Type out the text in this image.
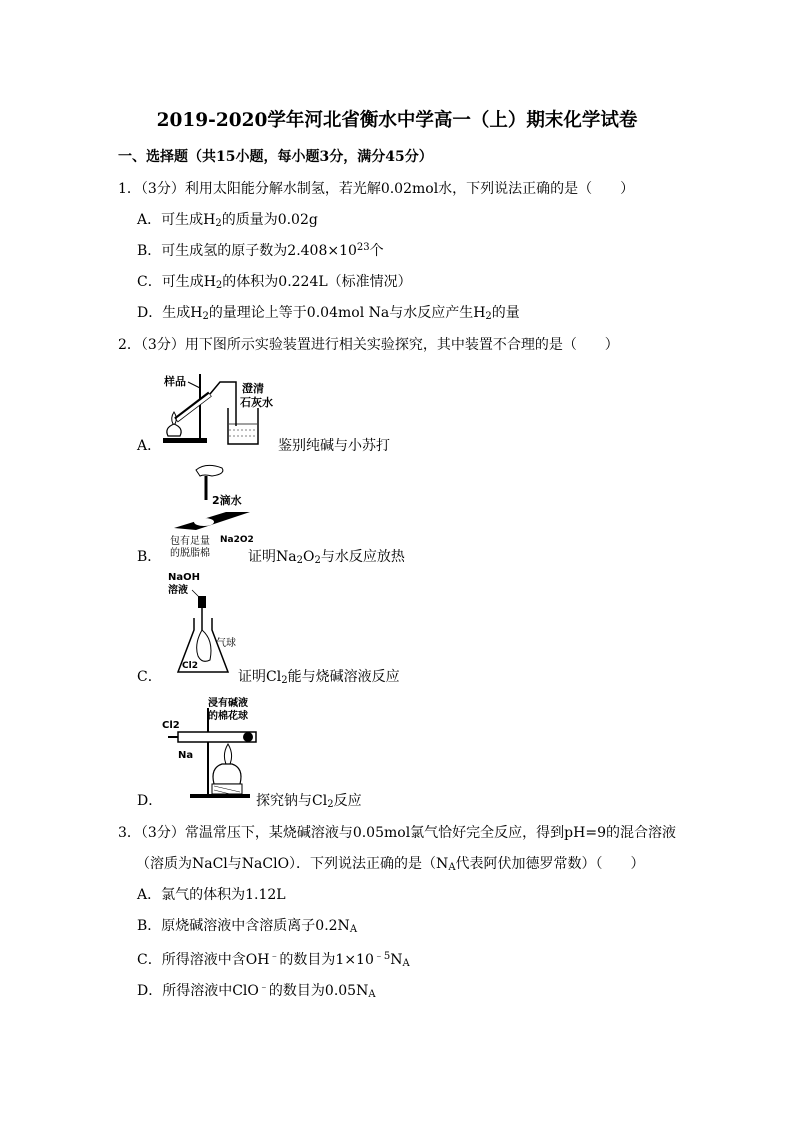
2019-2020学年河北省衡水中学高一（上）期末化学试卷
一、选择题（共15小题，每小题3分，满分45分）
1．（3分）利用太阳能分解水制氢，若光解0.02mol水，下列说法正确的是（　　）
A．可生成$H_2$的质量为0.02g
B．可生成氢的原子数为$2.408\times 10^{23}$个
C．可生成$H_2$的体积为0.224L（标准情况）
D．生成$H_2$的量理论上等于0.04mol Na与水反应产生$H_2$的量
2．（3分）用下图所示实验装置进行相关实验探究，其中装置不合理的是（　　）
A．
样品
澄清
石灰水
鉴别纯碱与小苏打
B．
2滴水
包有足量 Na2O2
的脱脂棉	证明$Na_2O_2$与水反应放热
C．
NaOH
溶液
气球
Cl2
证明$Cl_2$能与烧碱溶液反应
D．
浸有碱液
的棉花球
Cl2
Na
探究钠与$Cl_2$反应
3．（3分）常温常压下，某烧碱溶液与0.05mol氯气恰好完全反应，得到pH=9的混合溶液
（溶质为NaCl与NaClO）．下列说法正确的是（$N_A$代表阿伏加德罗常数）（　　）
A．氯气的体积为1.12L
B．原烧碱溶液中含溶质离子$0.2N_A$
C．所得溶液中含OH﹣的数目为$1\times 10^{﹣5}N_A$
D．所得溶液中ClO﹣的数目为$0.05N_A$
